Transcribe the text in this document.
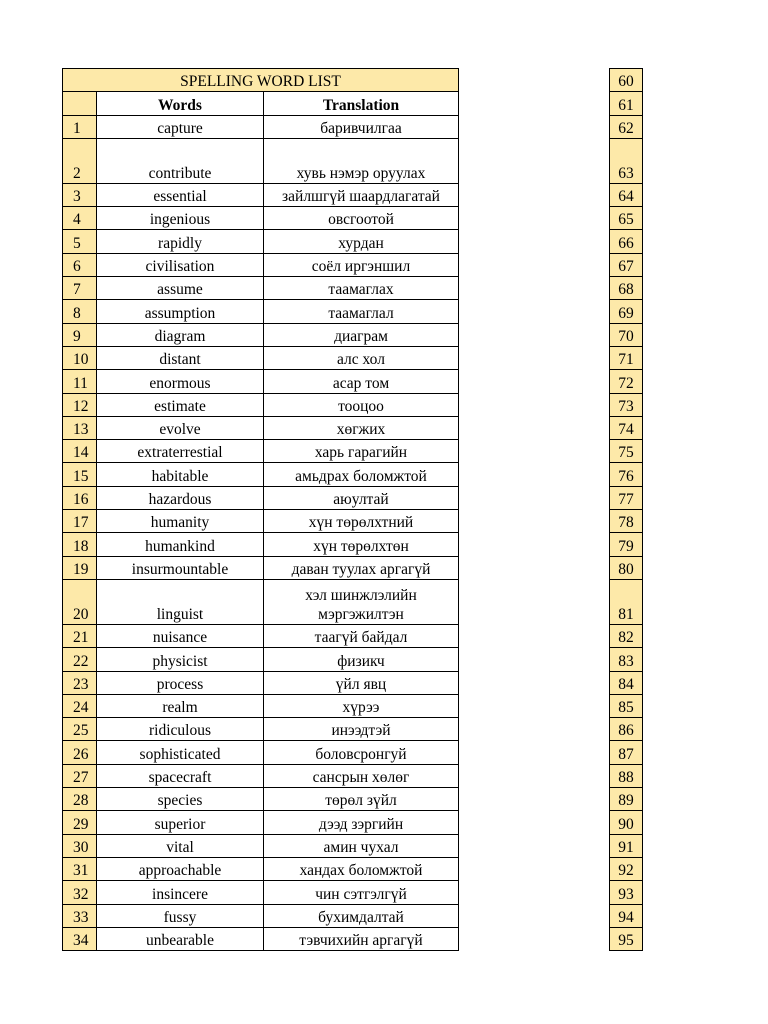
SPELLING WORD LIST		
	Words	Translation
1	capture	баривчилгаа
2	contribute	хувь нэмэр оруулах
3	essential	зайлшгүй шаардлагатай
4	ingenious	овсгоотой
5	rapidly	хурдан
6	civilisation	соёл иргэншил
7	assume	таамаглах
8	assumption	таамаглал
9	diagram	диаграм
10	distant	алс хол
11	enormous	асар том
12	estimate	тооцоо
13	evolve	хөгжих
14	extraterrestial	харь гарагийн
15	habitable	амьдрах боломжтой
16	hazardous	аюултай
17	humanity	хүн төрөлхтний
18	humankind	хүн төрөлхтөн
19	insurmountable	даван туулах аргагүй
20	linguist	хэл шинжлэлийн мэргэжилтэн
21	nuisance	таагүй байдал
22	physicist	физикч
23	process	үйл явц
24	realm	хүрээ
25	ridiculous	инээдтэй
26	sophisticated	боловсронгуй
27	spacecraft	сансрын хөлөг
28	species	төрөл зүйл
29	superior	дээд зэргийн
30	vital	амин чухал
31	approachable	хандах боломжтой
32	insincere	чин сэтгэлгүй
33	fussy	бухимдалтай
34	unbearable	тэвчихийн аргагүй
60
61
62
63
64
65
66
67
68
69
70
71
72
73
74
75
76
77
78
79
80
81
82
83
84
85
86
87
88
89
90
91
92
93
94
95
